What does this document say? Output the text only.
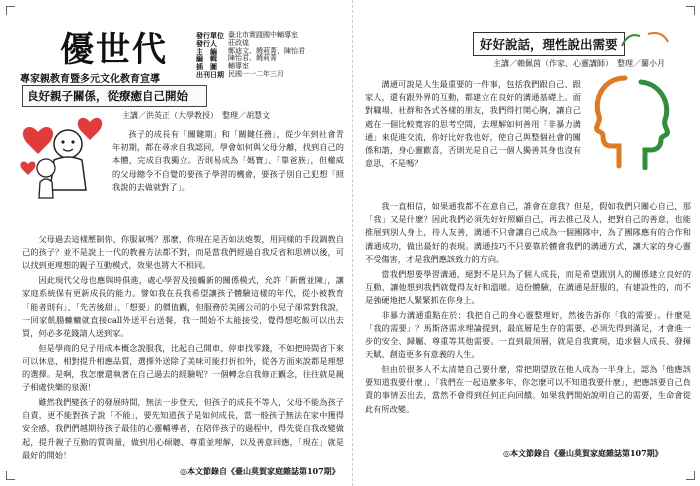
優世代	發行單位 臺北市實踐國中輔導室
發行人	莊政煌
主　編	鄭迪文、饒莉菁、陳怡君
編　輯	陳怡君、饒莉菁
插　圖	輔導室
出刊日期 民國一一二年三月
專家親教育暨多元文化教育宣導
良好親子關係，從療癒自己開始
主講／洪英正（大學教授）　整理／胡慧文

孩子的成長有「關鍵期」和「關鍵任務」，從少年到社會青年初期，都在尋求自我認同，學會如何與父母分離，找到自己的本體，完成自我獨立。否則易成為「媽寶」、「靠爸族」，但權威的父母總令不自覺的要孩子學習的機會，要孩子別自己犯想「照我說的去做就對了」。

父母過去這樣壓制你，你服氣嗎？那麼，你現在是否如法炮製，用同樣的手段調教自己的孩子？並不是說上一代的教養方法都不對，而是當我們經過自我反省和思辨以後，可以找到更理想的親子互動模式，效果也將大不相同。

因此現代父母也應與時俱進，處心學習及接觸新的關係模式，允許「新舊並陳」，讓家庭系統保有更新成長的能力。譬如我在長我希望讓孩子體驗這樣的年代，從小被教育「能者則有」、「先苦後甜」、「想要」的價值觀，但服務於美國公司的小兒子卻常對我說，一回家飢腸轆轆就直接call外送平台送餐，我一開始不太能接受，覺得想吃飯可以出去買，何必多花錢請人送到家。

但是學商的兒子用成本概念說服我，比起自己開車、停車找零錢，不如把時間省下來可以休息，相對提升相應品質，選擇外送除了美味可能打折扣外，從各方面來說都是理想的選擇。是啊，我怎麼還執著在自己過去的經驗呢？一個轉念自我修正觀念，往往就是親子相處快樂的泉源！

雖然我們變孩子的發展時間，無法一步登天，但孩子的成長不等人，父母不能為孩子自責，更不能對孩子說「不能」，要先知道孩子是如何成長，當一般孩子無法在家中獲得安全感，我們們越期待孩子最佳的心靈輔導者，在陪伴孩子的過程中，得先從自我改變做起，提升親子互動的質與量，做到用心傾聽、尊重並理解，以及善意回應，「現在」就是最好的開始！

◎本文節錄自《臺山莫賀家庭雜誌第107期》
好好說話，理性說出需要
主講／賴佩茵（作家、心靈講師）　整理／蘭小月

溝通可說是人生最重要的一件事，包括我們跟自己、跟家人，還有跟外界的互動，都建立在良好的溝通基礎上。面對職場、社群和各式各樣的朋友，我們得打開心胸，讓自己處在一個比較寬容的思考空間，去理解如何善用「非暴力溝通」來促進交流，你好比好我也好，使自己與整個社會的關係和諧，身心靈歡喜，否則光是自己一個人獨善其身也沒有意思，不是嗎？

我一直相信，如果通我都不在意自己，誰會在意我？但是，假如我們只關心自己，那「我」又是什麼？因此我們必須先好好照顧自己，再去推己及人，把對自己的善意，也能推展到別人身上，待人友善，溝通不只會讓自己成為一個團隊中，為了團隊應有的合作和溝通成功，做出最好的表現。溝通技巧不只要靠於體會我們的溝通方式，讓大家的身心靈不受傷害，才是我們應該致力的方向。

當我們想要學習溝通，絕對不是只為了個人成長，而是希望跟別人的關係建立良好的互動，讓他想到我們就覺得友好和溫暖。這份體驗，在溝通是舒服的，有建設性的，而不是強硬地把人緊緊抓在你身上。

非暴力溝通重點在於：我把自己的身心靈整理好，然後告訴你「我的需要」。什麼是「我的需要」？馬斯洛需求理論提到，最底層是生存的需要，必須先得到滿足，才會進一步的安全、歸屬、尊重等其他需要。一直到最頂層，就是自我實現，追求個人成長、發揮天賦、創造更多有意義的人生。

但由於很多人不太清楚自己要什麼，常把期望放在他人成為一半身上，認為「他應該要知道我要什麼」、「我們在一起這麼多年，你怎麼可以不知道我要什麼」，把應該要自己負責的事情丟出去，當然不會得到任何正向回饋。如果我們開始說明自己的需要，生命會從此有所改變。

◎本文節錄自《臺山莫賀家庭雜誌第107期》
